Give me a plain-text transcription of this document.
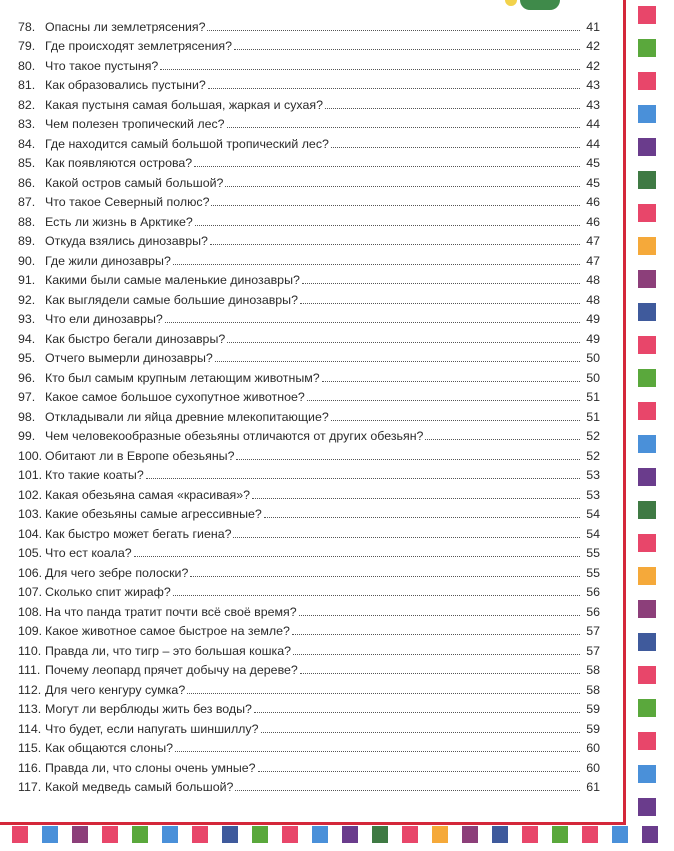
78. Опасны ли землетрясения?	41
79. Где происходят землетрясения?	42
80. Что такое пустыня?	42
81. Как образовались пустыни?	43
82. Какая пустыня самая большая, жаркая и сухая?	43
83. Чем полезен тропический лес?	44
84. Где находится самый большой тропический лес?	44
85. Как появляются острова?	45
86. Какой остров самый большой?	45
87. Что такое Северный полюс?	46
88. Есть ли жизнь в Арктике?	46
89. Откуда взялись динозавры?	47
90. Где жили динозавры?	47
91. Какими были самые маленькие динозавры?	48
92. Как выглядели самые большие динозавры?	48
93. Что ели динозавры?	49
94. Как быстро бегали динозавры?	49
95. Отчего вымерли динозавры?	50
96. Кто был самым крупным летающим животным?	50
97. Какое самое большое сухопутное животное?	51
98. Откладывали ли яйца древние млекопитающие?	51
99. Чем человекообразные обезьяны отличаются от других обезьян?	52
100. Обитают ли в Европе обезьяны?	52
101. Кто такие коаты?	53
102. Какая обезьяна самая «красивая»?	53
103. Какие обезьяны самые агрессивные?	54
104. Как быстро может бегать гиена?	54
105. Что ест коала?	55
106. Для чего зебре полоски?	55
107. Сколько спит жираф?	56
108. На что панда тратит почти всё своё время?	56
109. Какое животное самое быстрое на земле?	57
110. Правда ли, что тигр – это большая кошка?	57
111. Почему леопард прячет добычу на дереве?	58
112. Для чего кенгуру сумка?	58
113. Могут ли верблюды жить без воды?	59
114. Что будет, если напугать шиншиллу?	59
115. Как общаются слоны?	60
116. Правда ли, что слоны очень умные?	60
117. Какой медведь самый большой?	61
